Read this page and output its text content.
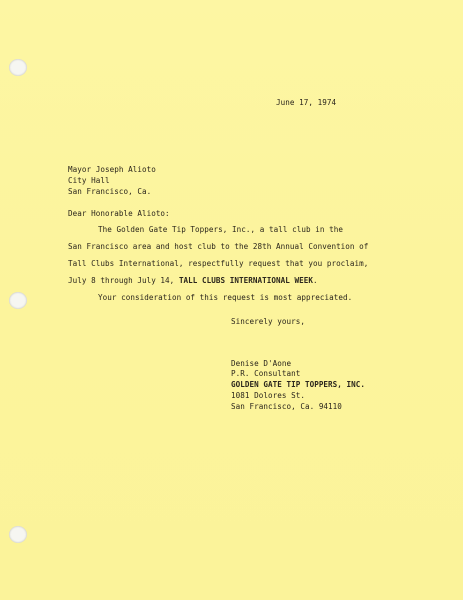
June 17, 1974
Mayor Joseph Alioto
City Hall
San Francisco, Ca.
Dear Honorable Alioto:
The Golden Gate Tip Toppers, Inc., a tall club in the
San Francisco area and host club to the 28th Annual Convention of
Tall Clubs International, respectfully request that you proclaim,
July 8 through July 14, TALL CLUBS INTERNATIONAL WEEK.
Your consideration of this request is most appreciated.
Sincerely yours,
Denise D'Aone
P.R. Consultant
GOLDEN GATE TIP TOPPERS, INC.
1081 Dolores St.
San Francisco, Ca. 94110
